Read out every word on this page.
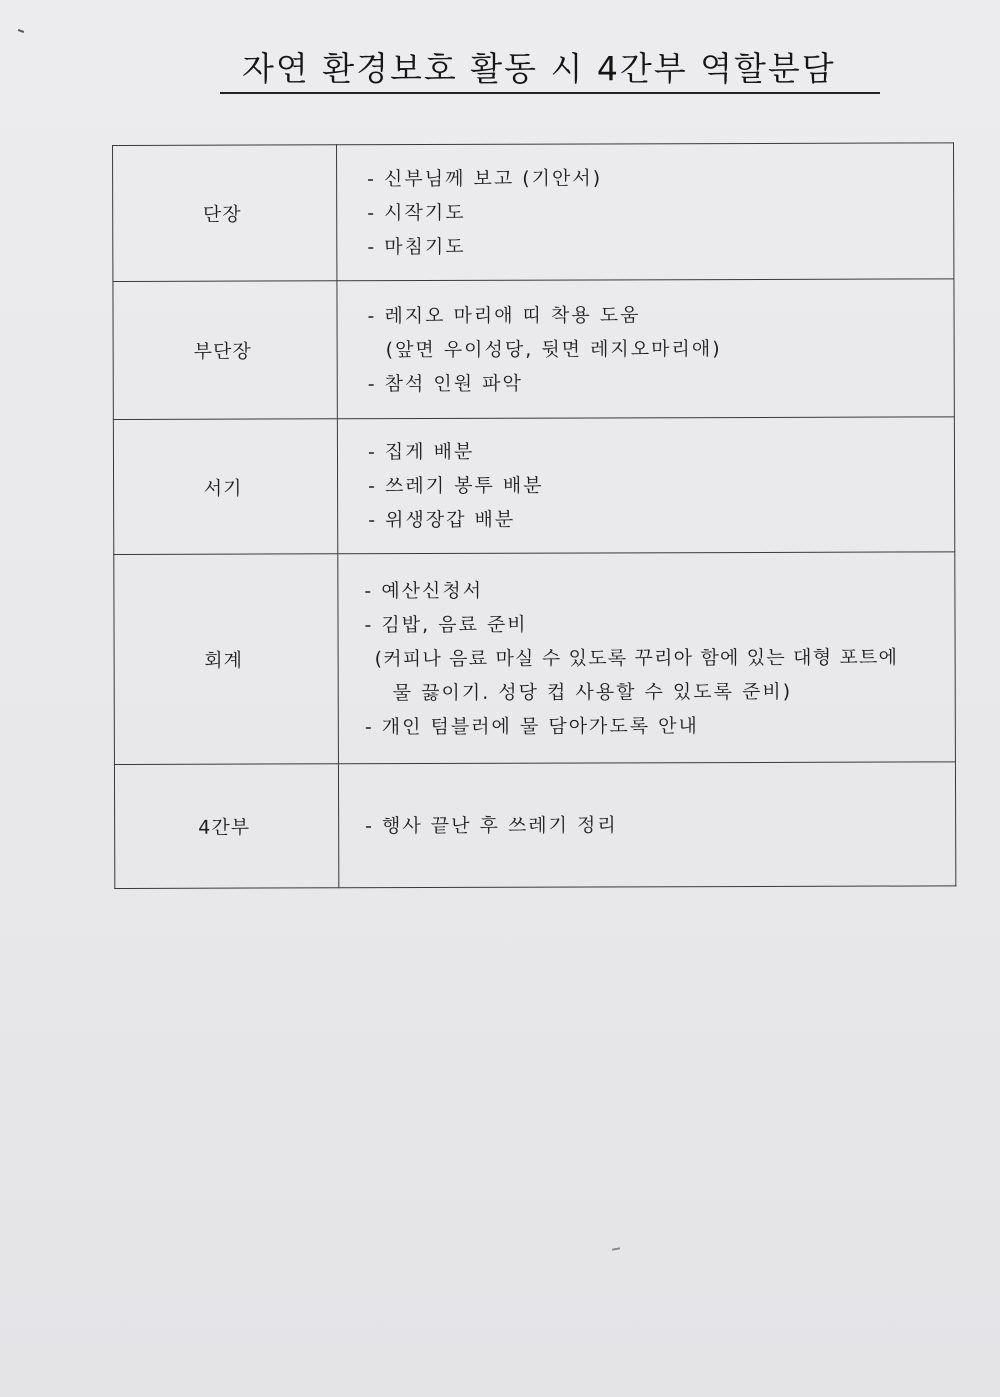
자연 환경보호 활동 시 4간부 역할분담
단장	- 신부님께 보고 (기안서)
- 시작기도
- 마침기도

부단장	- 레지오 마리애 띠 착용 도움
(앞면 우이성당, 뒷면 레지오마리애)
- 참석 인원 파악

서기	- 집게 배분
- 쓰레기 봉투 배분
- 위생장갑 배분

회계	- 예산신청서
- 김밥, 음료 준비
(커피나 음료 마실 수 있도록 꾸리아 함에 있는 대형 포트에
물 끓이기. 성당 컵 사용할 수 있도록 준비)
- 개인 텀블러에 물 담아가도록 안내

4간부	- 행사 끝난 후 쓰레기 정리
